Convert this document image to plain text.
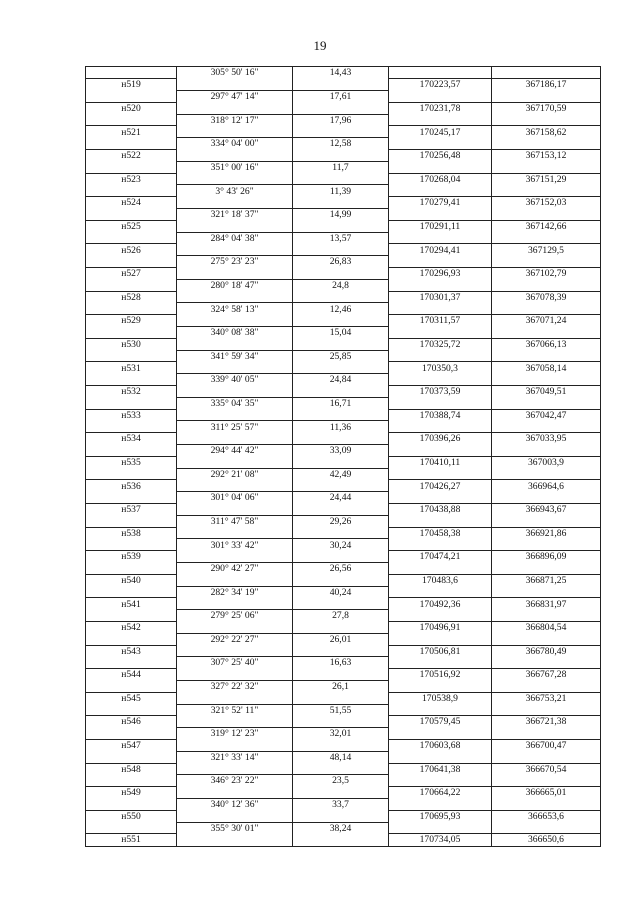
19
	305° 50' 16"	14,43		
н519			170223,57	367186,17
	297° 47' 14"	17,61		
н520			170231,78	367170,59
	318° 12' 17"	17,96		
н521			170245,17	367158,62
	334° 04' 00"	12,58		
н522			170256,48	367153,12
	351° 00' 16"	11,7		
н523			170268,04	367151,29
	3° 43' 26"	11,39		
н524			170279,41	367152,03
	321° 18' 37"	14,99		
н525			170291,11	367142,66
	284° 04' 38"	13,57		
н526			170294,41	367129,5
	275° 23' 23"	26,83		
н527			170296,93	367102,79
	280° 18' 47"	24,8		
н528			170301,37	367078,39
	324° 58' 13"	12,46		
н529			170311,57	367071,24
	340° 08' 38"	15,04		
н530			170325,72	367066,13
	341° 59' 34"	25,85		
н531			170350,3	367058,14
	339° 40' 05"	24,84		
н532			170373,59	367049,51
	335° 04' 35"	16,71		
н533			170388,74	367042,47
	311° 25' 57"	11,36		
н534			170396,26	367033,95
	294° 44' 42"	33,09		
н535			170410,11	367003,9
	292° 21' 08"	42,49		
н536			170426,27	366964,6
	301° 04' 06"	24,44		
н537			170438,88	366943,67
	311° 47' 58"	29,26		
н538			170458,38	366921,86
	301° 33' 42"	30,24		
н539			170474,21	366896,09
	290° 42' 27"	26,56		
н540			170483,6	366871,25
	282° 34' 19"	40,24		
н541			170492,36	366831,97
	279° 25' 06"	27,8		
н542			170496,91	366804,54
	292° 22' 27"	26,01		
н543			170506,81	366780,49
	307° 25' 40"	16,63		
н544			170516,92	366767,28
	327° 22' 32"	26,1		
н545			170538,9	366753,21
	321° 52' 11"	51,55		
н546			170579,45	366721,38
	319° 12' 23"	32,01		
н547			170603,68	366700,47
	321° 33' 14"	48,14		
н548			170641,38	366670,54
	346° 23' 22"	23,5		
н549			170664,22	366665,01
	340° 12' 36"	33,7		
н550			170695,93	366653,6
	355° 30' 01"	38,24		
н551			170734,05	366650,6
